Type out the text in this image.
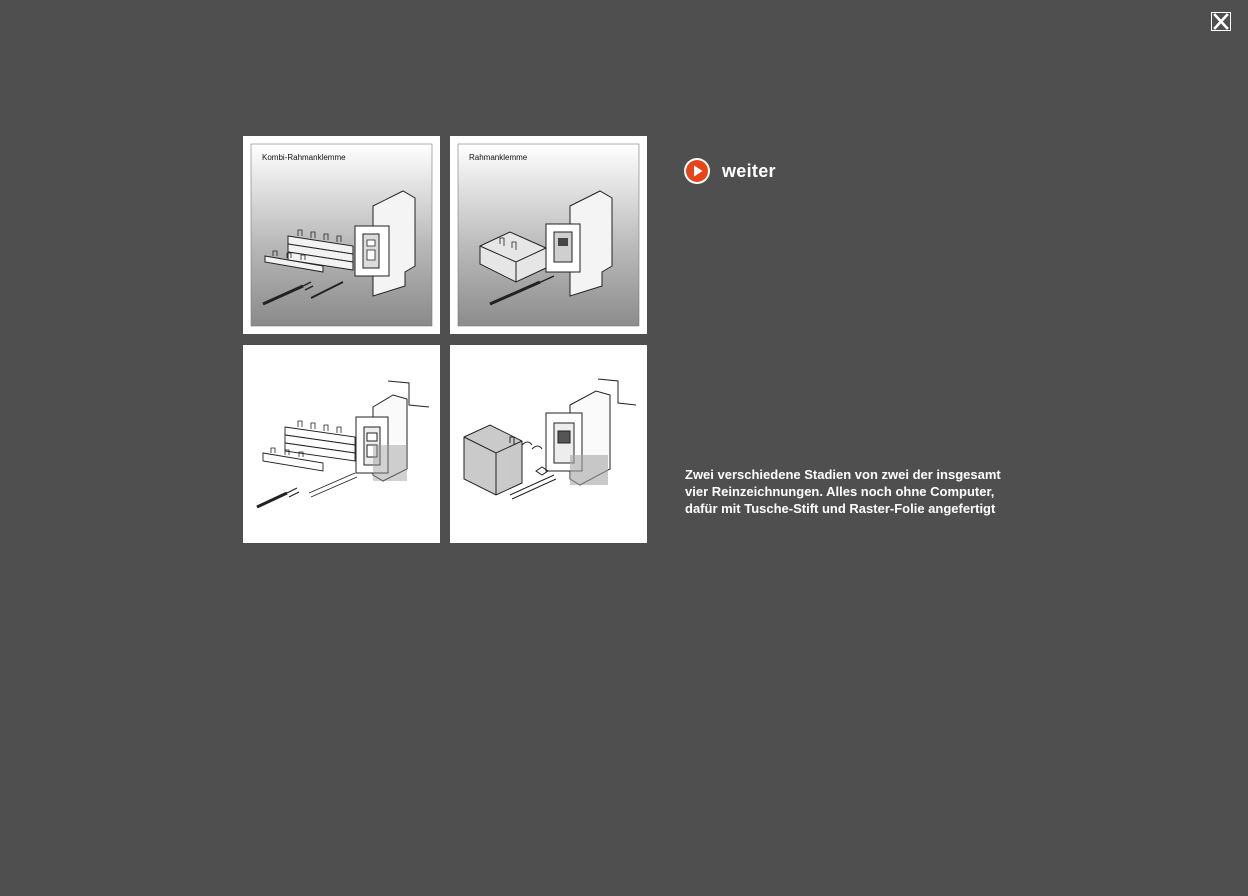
Kombi-Rahmanklemme	Rahmanklemme
weiter

Zwei verschiedene Stadien von zwei der insgesamt vier Reinzeichnungen. Alles noch ohne Computer, dafür mit Tusche-Stift und Raster-Folie angefertigt
